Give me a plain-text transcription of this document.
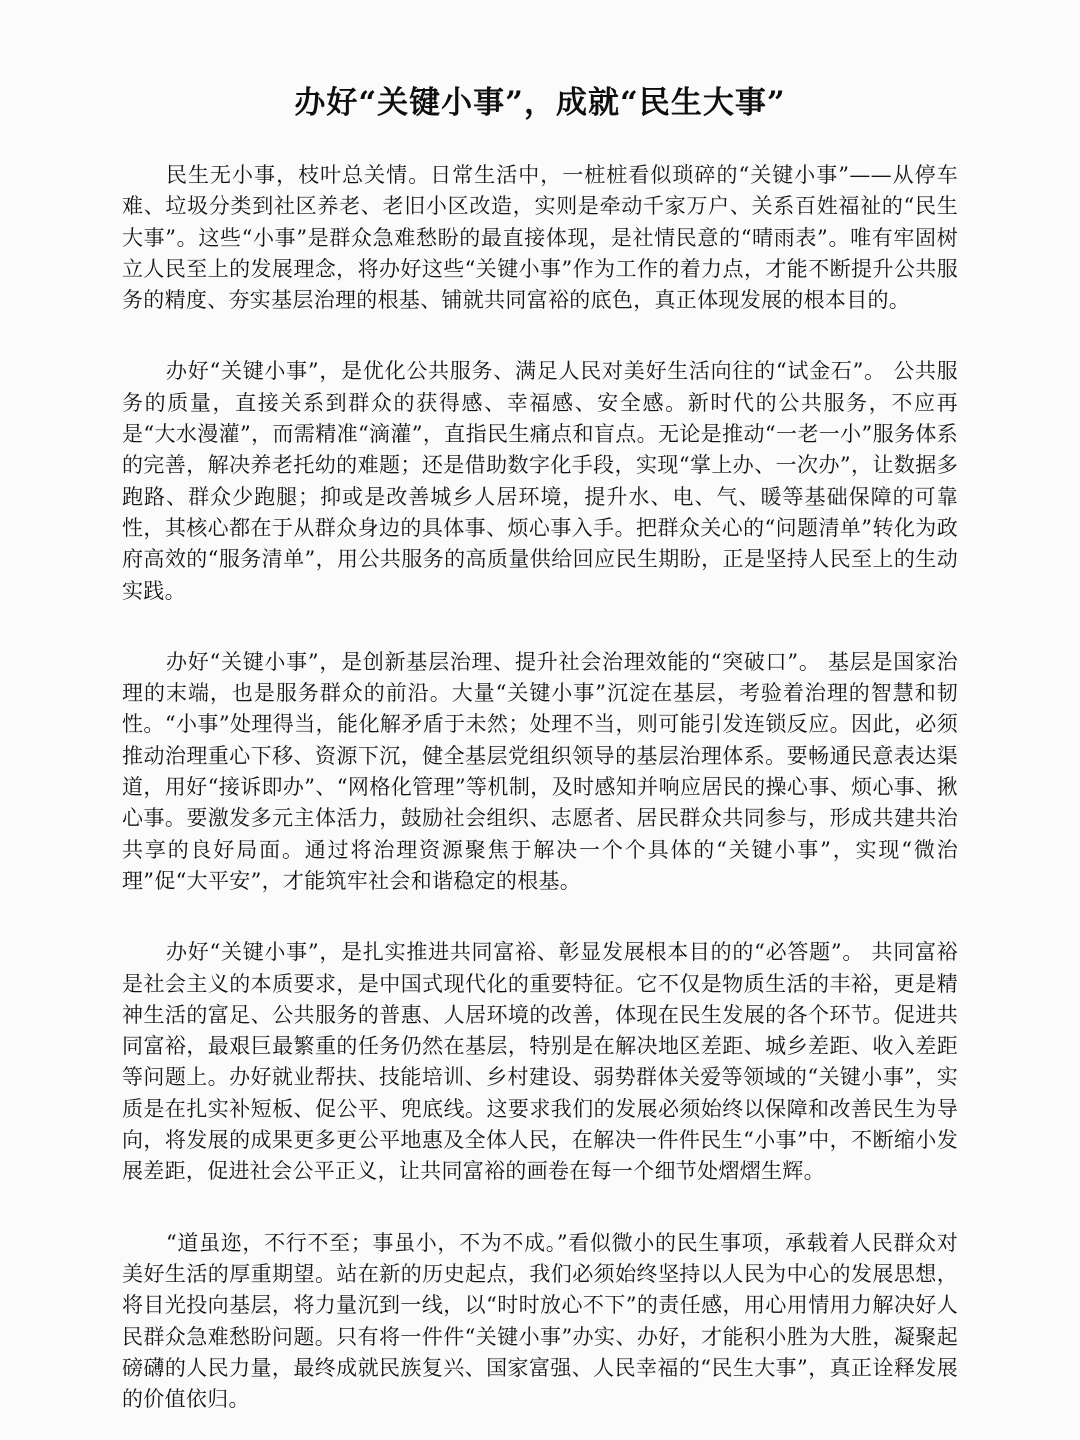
办好“关键小事”，成就“民生大事”

民生无小事，枝叶总关情。日常生活中，一桩桩看似琐碎的“关键小事”——从停车难、垃圾分类到社区养老、老旧小区改造，实则是牵动千家万户、关系百姓福祉的“民生大事”。这些“小事”是群众急难愁盼的最直接体现，是社情民意的“晴雨表”。唯有牢固树立人民至上的发展理念，将办好这些“关键小事”作为工作的着力点，才能不断提升公共服务的精度、夯实基层治理的根基、铺就共同富裕的底色，真正体现发展的根本目的。

办好“关键小事”，是优化公共服务、满足人民对美好生活向往的“试金石”。 公共服务的质量，直接关系到群众的获得感、幸福感、安全感。新时代的公共服务，不应再是“大水漫灌”，而需精准“滴灌”，直指民生痛点和盲点。无论是推动“一老一小”服务体系的完善，解决养老托幼的难题；还是借助数字化手段，实现“掌上办、一次办”，让数据多跑路、群众少跑腿；抑或是改善城乡人居环境，提升水、电、气、暖等基础保障的可靠性，其核心都在于从群众身边的具体事、烦心事入手。把群众关心的“问题清单”转化为政府高效的“服务清单”，用公共服务的高质量供给回应民生期盼，正是坚持人民至上的生动实践。

办好“关键小事”，是创新基层治理、提升社会治理效能的“突破口”。 基层是国家治理的末端，也是服务群众的前沿。大量“关键小事”沉淀在基层，考验着治理的智慧和韧性。“小事”处理得当，能化解矛盾于未然；处理不当，则可能引发连锁反应。因此，必须推动治理重心下移、资源下沉，健全基层党组织领导的基层治理体系。要畅通民意表达渠道，用好“接诉即办”、“网格化管理”等机制，及时感知并响应居民的操心事、烦心事、揪心事。要激发多元主体活力，鼓励社会组织、志愿者、居民群众共同参与，形成共建共治共享的良好局面。通过将治理资源聚焦于解决一个个具体的“关键小事”，实现“微治理”促“大平安”，才能筑牢社会和谐稳定的根基。

办好“关键小事”，是扎实推进共同富裕、彰显发展根本目的的“必答题”。 共同富裕是社会主义的本质要求，是中国式现代化的重要特征。它不仅是物质生活的丰裕，更是精神生活的富足、公共服务的普惠、人居环境的改善，体现在民生发展的各个环节。促进共同富裕，最艰巨最繁重的任务仍然在基层，特别是在解决地区差距、城乡差距、收入差距等问题上。办好就业帮扶、技能培训、乡村建设、弱势群体关爱等领域的“关键小事”，实质是在扎实补短板、促公平、兜底线。这要求我们的发展必须始终以保障和改善民生为导向，将发展的成果更多更公平地惠及全体人民，在解决一件件民生“小事”中，不断缩小发展差距，促进社会公平正义，让共同富裕的画卷在每一个细节处熠熠生辉。

“道虽迩，不行不至；事虽小，不为不成。”看似微小的民生事项，承载着人民群众对美好生活的厚重期望。站在新的历史起点，我们必须始终坚持以人民为中心的发展思想，将目光投向基层，将力量沉到一线，以“时时放心不下”的责任感，用心用情用力解决好人民群众急难愁盼问题。只有将一件件“关键小事”办实、办好，才能积小胜为大胜，凝聚起磅礴的人民力量，最终成就民族复兴、国家富强、人民幸福的“民生大事”，真正诠释发展的价值依归。
